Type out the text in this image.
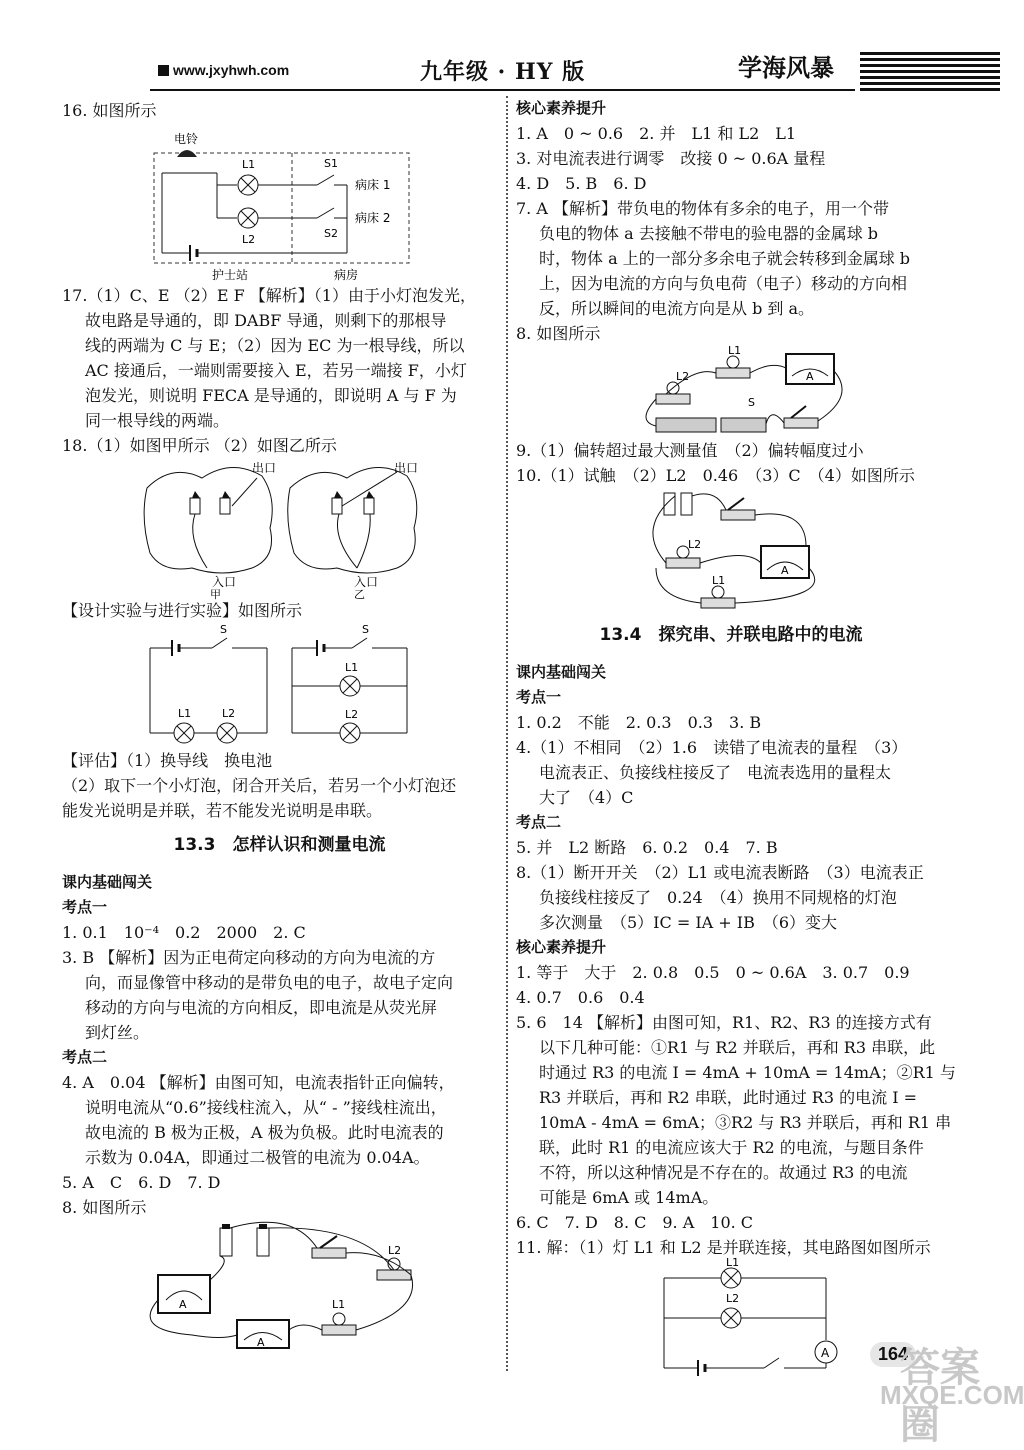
www.jxyhwh.com	九年级 · HY 版	学海风暴

16. 如图所示

电铃
L1
L2
S1
S2
病床 1
病床 2
护士站	病房

17.（1）C、E （2）E F 【解析】（1）由于小灯泡发光，

故电路是导通的，即 DABF 导通，则剩下的那根导

线的两端为 C 与 E；（2）因为 EC 为一根导线，所以

AC 接通后，一端则需要接入 E，若另一端接 F，小灯

泡发光，则说明 FECA 是导通的，即说明 A 与 F 为

同一根导线的两端。

18.（1）如图甲所示 （2）如图乙所示

出口
入口
甲
出口
入口
乙

【设计实验与进行实验】如图所示

S
L1	L2
S
L1
L2

【评估】（1）换导线　换电池

（2）取下一个小灯泡，闭合开关后，若另一个小灯泡还

能发光说明是并联，若不能发光说明是串联。

13.3　怎样认识和测量电流

课内基础闯关

考点一

1. 0.1　10⁻⁴　0.2　2000　2. C

3. B 【解析】因为正电荷定向移动的方向为电流的方

向，而显像管中移动的是带负电的电子，故电子定向

移动的方向与电流的方向相反，即电流是从荧光屏

到灯丝。

考点二

4. A　0.04 【解析】由图可知，电流表指针正向偏转，

说明电流从“0.6”接线柱流入，从“ - ”接线柱流出，

故电流的 B 极为正极，A 极为负极。此时电流表的

示数为 0.04A，即通过二极管的电流为 0.04A。

5. A　C　6. D　7. D

8. 如图所示

A
A
L2
L1

核心素养提升

1. A　0 ~ 0.6　2. 并　L1 和 L2　L1

3. 对电流表进行调零　改接 0 ~ 0.6A 量程

4. D　5. B　6. D

7. A 【解析】带负电的物体有多余的电子，用一个带

负电的物体 a 去接触不带电的验电器的金属球 b

时，物体 a 上的一部分多余电子就会转移到金属球 b

上，因为电流的方向与负电荷（电子）移动的方向相

反，所以瞬间的电流方向是从 b 到 a。

8. 如图所示

L1
A
L2
S

9.（1）偏转超过最大测量值　（2）偏转幅度过小

10.（1）试触　（2）L2　0.46　（3）C　（4）如图所示

L2
A
L1

13.4　探究串、并联电路中的电流

课内基础闯关

考点一

1. 0.2　不能　2. 0.3　0.3　3. B

4.（1）不相同　（2）1.6　读错了电流表的量程　（3）

电流表正、负接线柱接反了　电流表选用的量程太

大了　（4）C

考点二

5. 并　L2 断路　6. 0.2　0.4　7. B

8.（1）断开开关　（2）L1 或电流表断路　（3）电流表正

负接线柱接反了　0.24　（4）换用不同规格的灯泡

多次测量　（5）IC = IA + IB　（6）变大

核心素养提升

1. 等于　大于　2. 0.8　0.5　0 ~ 0.6A　3. 0.7　0.9

4. 0.7　0.6　0.4

5. 6　14 【解析】由图可知，R1、R2、R3 的连接方式有

以下几种可能：①R1 与 R2 并联后，再和 R3 串联，此

时通过 R3 的电流 I = 4mA + 10mA = 14mA；②R1 与

R3 并联后，再和 R2 串联，此时通过 R3 的电流 I =

10mA - 4mA = 6mA；③R2 与 R3 并联后，再和 R1 串

联，此时 R1 的电流应该大于 R2 的电流，与题目条件

不符，所以这种情况是不存在的。故通过 R3 的电流

可能是 6mA 或 14mA。

6. C　7. D　8. C　9. A　10. C

11. 解：（1）灯 L1 和 L2 是并联连接，其电路图如图所示

L1
L2
A	164
答案圈
MXQE.COM
